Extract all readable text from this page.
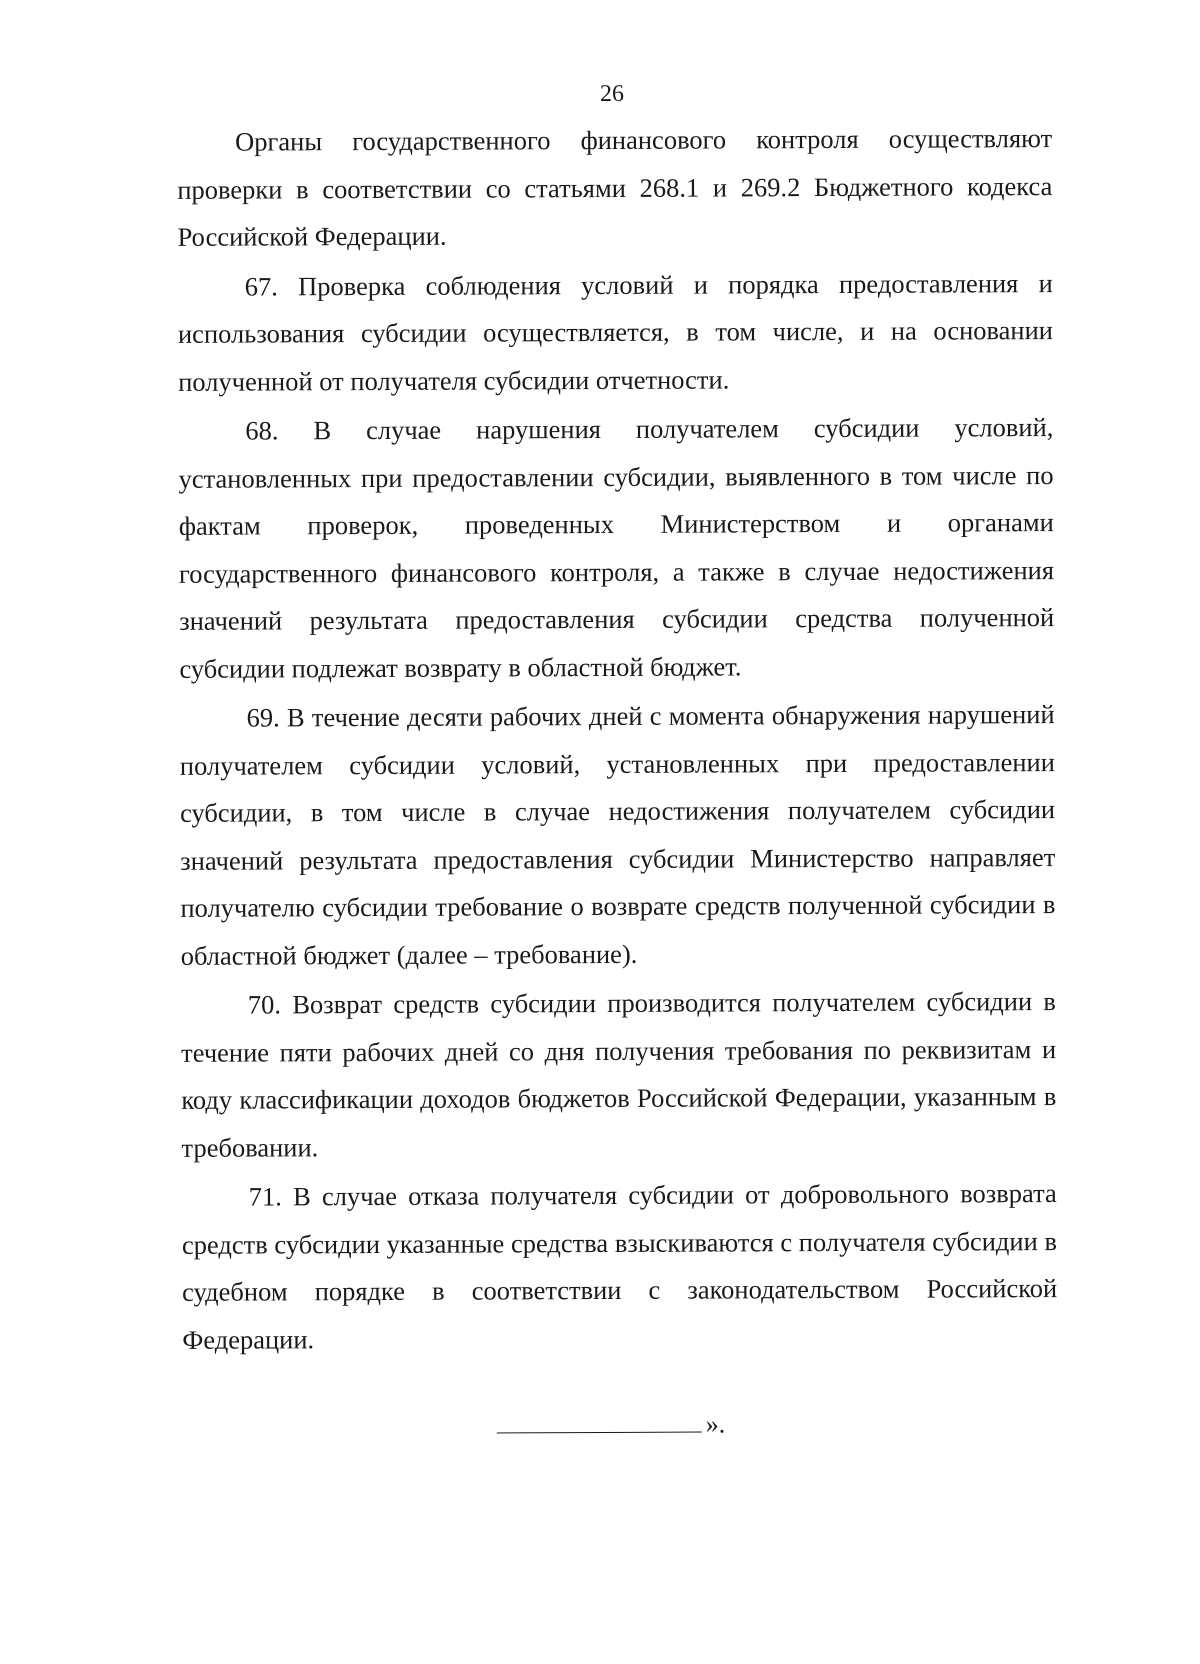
26

Органы государственного финансового контроля осуществляют проверки в соответствии со статьями 268.1 и 269.2 Бюджетного кодекса Российской Федерации.

67. Проверка соблюдения условий и порядка предоставления и использования субсидии осуществляется, в том числе, и на основании полученной от получателя субсидии отчетности.

68. В случае нарушения получателем субсидии условий, установленных при предоставлении субсидии, выявленного в том числе по фактам проверок, проведенных Министерством и органами государственного финансового контроля, а также в случае недостижения значений результата предоставления субсидии средства полученной субсидии подлежат возврату в областной бюджет.

69. В течение десяти рабочих дней с момента обнаружения нарушений получателем субсидии условий, установленных при предоставлении субсидии, в том числе в случае недостижения получателем субсидии значений результата предоставления субсидии Министерство направляет получателю субсидии требование о возврате средств полученной субсидии в областной бюджет (далее – требование).

70. Возврат средств субсидии производится получателем субсидии в течение пяти рабочих дней со дня получения требования по реквизитам и коду классификации доходов бюджетов Российской Федерации, указанным в требовании.

71. В случае отказа получателя субсидии от добровольного возврата средств субсидии указанные средства взыскиваются с получателя субсидии в судебном порядке в соответствии с законодательством Российской Федерации.

».
